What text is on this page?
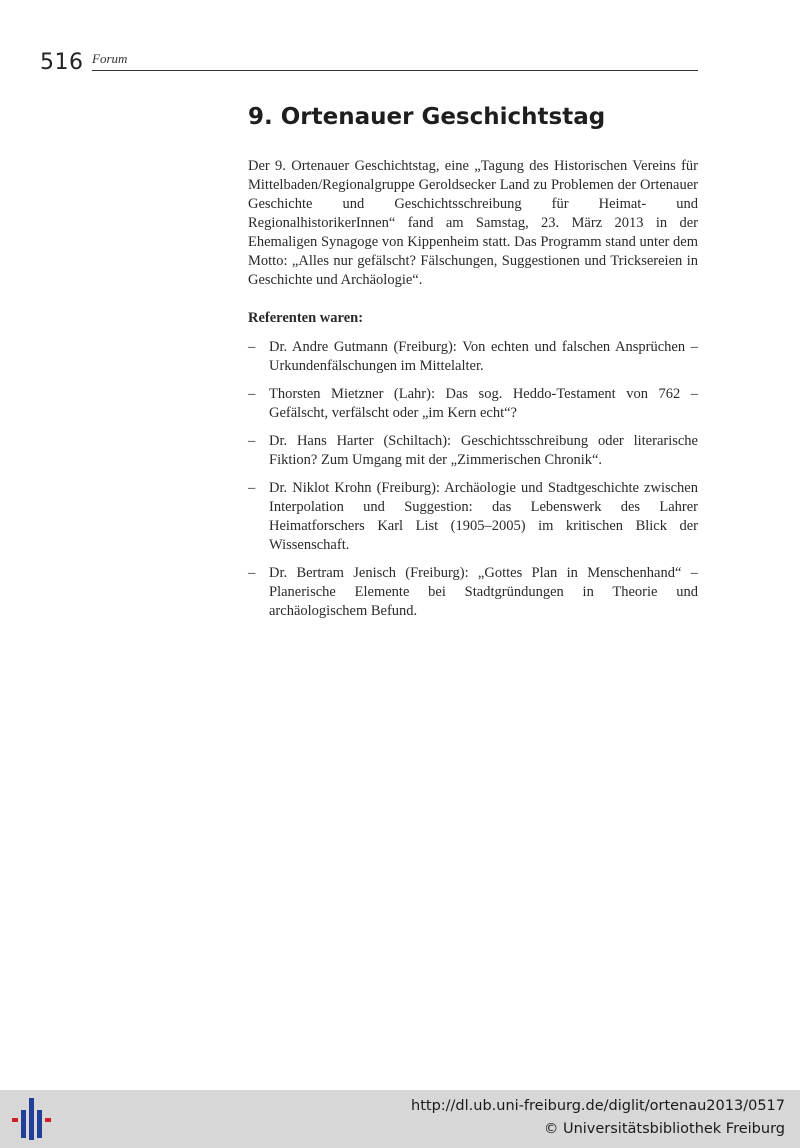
516 Forum
9. Ortenauer Geschichtstag

Der 9. Ortenauer Geschichtstag, eine „Tagung des Historischen Vereins für Mittelbaden/Regionalgruppe Geroldsecker Land zu Problemen der Ortenauer Geschichte und Geschichtsschreibung für Heimat- und RegionalhistorikerInnen“ fand am Samstag, 23. März 2013 in der Ehemaligen Synagoge von Kippenheim statt. Das Programm stand unter dem Motto: „Alles nur gefälscht? Fälschungen, Suggestionen und Tricksereien in Geschichte und Archäologie“.

Referenten waren:
– Dr. Andre Gutmann (Freiburg): Von echten und falschen Ansprüchen – Urkundenfälschungen im Mittelalter.
– Thorsten Mietzner (Lahr): Das sog. Heddo-Testament von 762 – Gefälscht, verfälscht oder „im Kern echt“?
– Dr. Hans Harter (Schiltach): Geschichtsschreibung oder literarische Fiktion? Zum Umgang mit der „Zimmerischen Chronik“.
– Dr. Niklot Krohn (Freiburg): Archäologie und Stadtgeschichte zwischen Interpolation und Suggestion: das Lebenswerk des Lahrer Heimatforschers Karl List (1905–2005) im kritischen Blick der Wissenschaft.
– Dr. Bertram Jenisch (Freiburg): „Gottes Plan in Menschenhand“ – Planerische Elemente bei Stadtgründungen in Theorie und archäologischem Befund.
http://dl.ub.uni-freiburg.de/diglit/ortenau2013/0517
© Universitätsbibliothek Freiburg
